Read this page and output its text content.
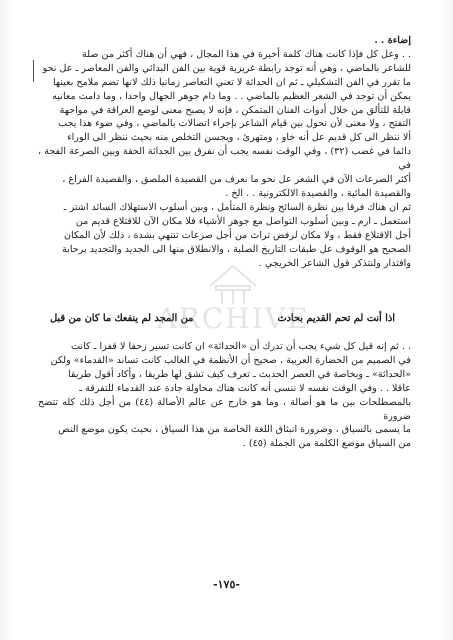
إضاءة . .
. . وعل كل فإذا كانت هناك كلمة أخيرة في هذا المجال ، فهي أن هناك أكثر من صلة
للشاعر بالماضي ، وهي أنه توجد رابطة غريزية قوية بين الفن البدائي والفن المعاصر ـ عل نحو
ما تقرر في الفن التشكيلي ـ ثم ان الحداثة لا تعني التعاصر زمانيا ذلك لانها تضم ملامح بعينها
يمكن أن توجد في الشعر العظيم بالماضي . . وما دام جوهر الجهال واحدا ، وما دامت معانيه
قابلة للتألق من خلال أدوات الفنان المتمكن ، فإنه لا يصبح معنى لوضع العراقة في مواجهة
التفتح ، ولا معنى لأن نحول بين قيام الشاعر بإجراء اتصالات بالماضي ، وفي ضوء هذا يجب
ألا ننظر الى كل قديم عل أنه خاو ، ومتهرئ ، ويجسن التخلص منه بحيث ننظر الى الوراء
دائما في غضب (٣٢) ، وفي الوقت نفسه يجب أن نفرق بين الحداثة الحقة وبين الصرعة الفجة ، في
أكثر الصرعات الآن في الشعر عل نحو ما نعرف من القصيدة الملصق ، والقصيدة الفراغ ،
والقصيدة المائية ، والقصيدة الالكترونية . . الخ .
ثم ان هناك فرقا بين نظرة السائح ونظرة المتأمل ، وبين أسلوب الاستهلاك السائد اشتر ـ
استعمل ـ ارم ـ وبين أسلوب التواصل مع جوهر الأشياء فلا مكان الآن للاقتلاع قديم من
أجل الاقتلاع فقط ، ولا مكان لرفض تراث من أجل صرعات تنتهي بشدة ، ذلك لأن المكان
الصحيح هو الوقوف عل طبقات التاريخ الصلبة ، والانطلاق منها الى الجديد والتجديد برحابة
واقتدار ولنتذكر قول الشاعر الخريجي .
اذا أنت لم تحم القديم بحادث
من المجد لم ينفعك ما كان من قبل
. . ثم إنه قيل كل شيء يجب أن تدرك أن «الحداثة» ان كانت تسير زحفا لا قفزا ـ كانت
في الصميم من الحضارة العربية ، صحيح أن الأنظمة في الغالب كانت تساند «القدماء» ولكن
«الحداثة» ـ وبخاصة في العصر الحديث ـ تعرف كيف تشق لها طريقا ، وأكاد أقول طريقا
عاقلا . . وفي الوقت نفسه لا ننسى أنه كانت هناك محاولة جادة عند القدماء للتفرقة ـ
بالمصطلحات بين ما هو أصالة ، وما هو خارج عن عالم الأصالة (٤٤) من أجل ذلك كله تتضح ضرورة
ما يسمى بالسياق ، وضرورة انبثاق اللغة الخاصة من هذا السياق ، بحيث يكون موضع النص
من السياق موضع الكلمة من الجملة (٤٥) .
ARCHIVE
-١٧٥-
